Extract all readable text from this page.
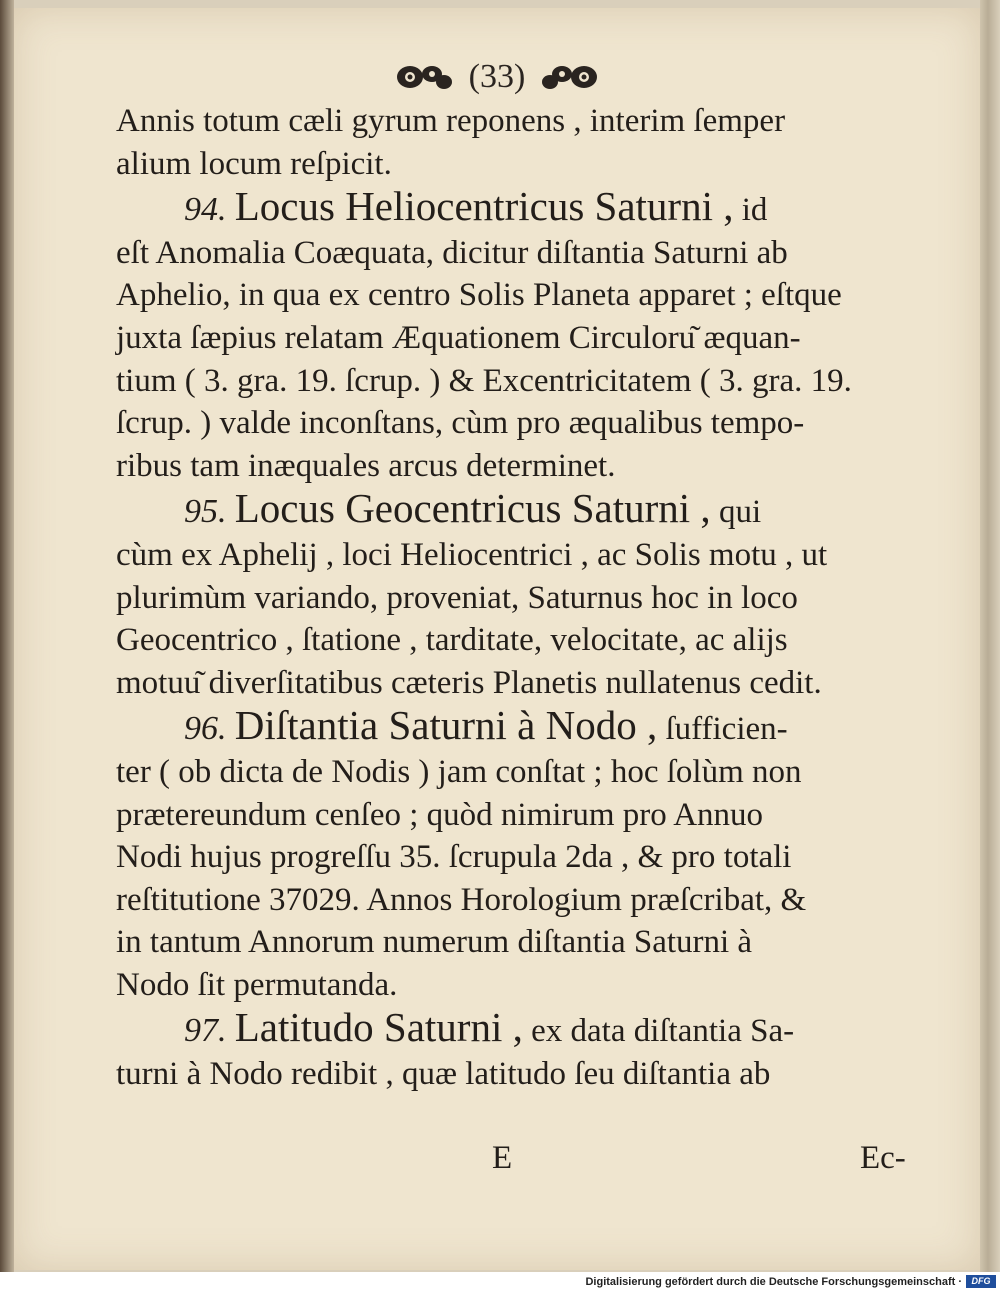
(33)

Annis totum cæli gyrum reponens , interim ſemper

alium locum reſpicit.

94. Locus Heliocentricus Saturni , id

eſt Anomalia Coæquata, dicitur diſtantia Saturni ab

Aphelio, in qua ex centro Solis Planeta apparet ; eſtque

juxta ſæpius relatam Æquationem Circuloru͂ æquan-

tium ( 3. gra. 19. ſcrup. ) & Excentricitatem ( 3. gra. 19.

ſcrup. ) valde inconſtans, cùm pro æqualibus tempo-

ribus tam inæquales arcus determinet.

95. Locus Geocentricus Saturni , qui

cùm ex Aphelij , loci Heliocentrici , ac Solis motu , ut

plurimùm variando, proveniat, Saturnus hoc in loco

Geocentrico , ſtatione , tarditate, velocitate, ac alijs

motuu͂ diverſitatibus cæteris Planetis nullatenus cedit.

96. Diſtantia Saturni à Nodo , ſufficien-

ter ( ob dicta de Nodis ) jam conſtat ; hoc ſolùm non

prætereundum cenſeo ; quòd nimirum pro Annuo

Nodi hujus progreſſu 35. ſcrupula 2da , & pro totali

reſtitutione 37029. Annos Horologium præſcribat, &

in tantum Annorum numerum diſtantia Saturni à

Nodo ſit permutanda.

97. Latitudo Saturni , ex data diſtantia Sa-

turni à Nodo redibit , quæ latitudo ſeu diſtantia ab

E	Ec-
Digitalisierung gefördert durch die Deutsche Forschungsgemeinschaft ·	DFG
